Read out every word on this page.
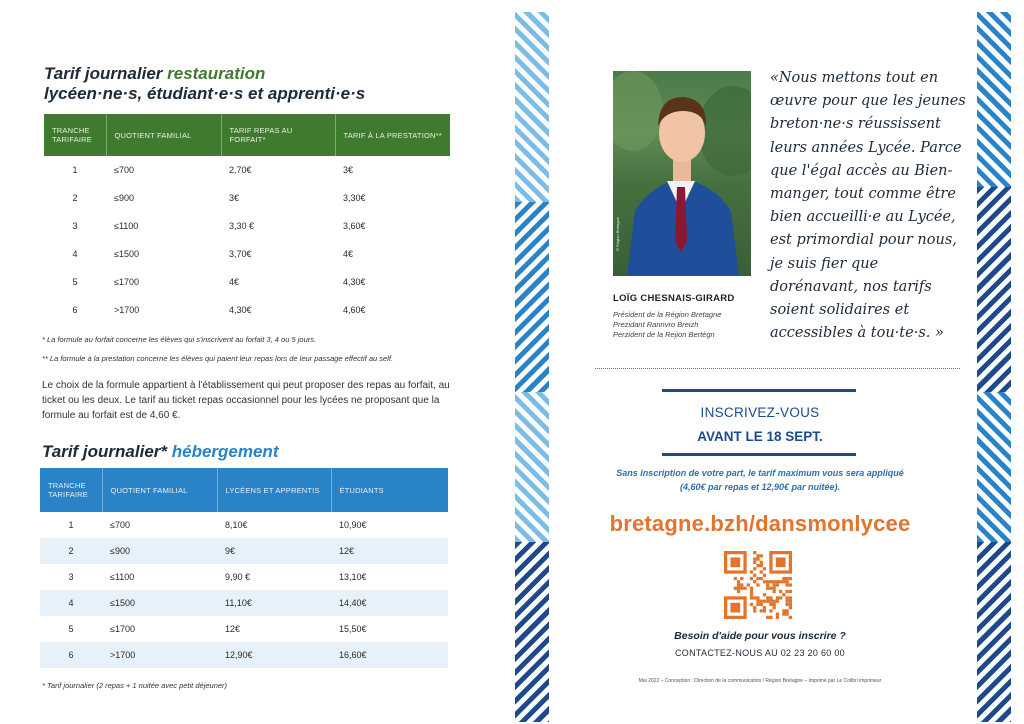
Tarif journalier restauration
lycéen·ne·s, étudiant·e·s et apprenti·e·s
TRANCHE TARIFAIRE	QUOTIENT FAMILIAL	TARIF REPAS AU FORFAIT*	TARIF À LA PRESTATION**
1	≤700	2,70€	3€
2	≤900	3€	3,30€
3	≤1100	3,30 €	3,60€
4	≤1500	3,70€	4€
5	≤1700	4€	4,30€
6	>1700	4,30€	4,60€
* La formule au forfait concerne les élèves qui s'inscrivent au forfait 3, 4 ou 5 jours.
** La formule à la prestation concerne les élèves qui paient leur repas lors de leur passage effectif au self.
Le choix de la formule appartient à l'établissement qui peut proposer des repas au forfait, au ticket ou les deux. Le tarif au ticket repas occasionnel pour les lycées ne proposant que la formule au forfait est de 4,60 €.
Tarif journalier* hébergement
TRANCHE TARIFAIRE	QUOTIENT FAMILIAL	LYCÉENS ET APPRENTIS	ÉTUDIANTS
1	≤700	8,10€	10,90€
2	≤900	9€	12€
3	≤1100	9,90 €	13,10€
4	≤1500	11,10€	14,40€
5	≤1700	12€	15,50€
6	>1700	12,90€	16,60€
* Tarif journalier (2 repas + 1 nuitée avec petit déjeuner)
© Région Bretagne
LOÏG CHESNAIS-GIRARD
Président de la Région Bretagne
Prezidant Rannvro Breizh
Perzident de la Rejion Bertègn
«Nous mettons tout en œuvre pour que les jeunes breton·ne·s réussissent leurs années Lycée. Parce que l'égal accès au Bien-manger, tout comme être bien accueilli·e au Lycée, est primordial pour nous, je suis fier que dorénavant, nos tarifs soient solidaires et accessibles à tou·te·s. »
INSCRIVEZ-VOUS
AVANT LE 18 SEPT.
Sans inscription de votre part, le tarif maximum vous sera appliqué
(4,60€ par repas et 12,90€ par nuitée).
bretagne.bzh/dansmonlycee
Besoin d'aide pour vous inscrire ?
CONTACTEZ-NOUS AU 02 23 20 60 00
Mai 2022 – Conception : Direction de la communication / Région Bretagne – Imprimé par Le Colibri imprimeur
